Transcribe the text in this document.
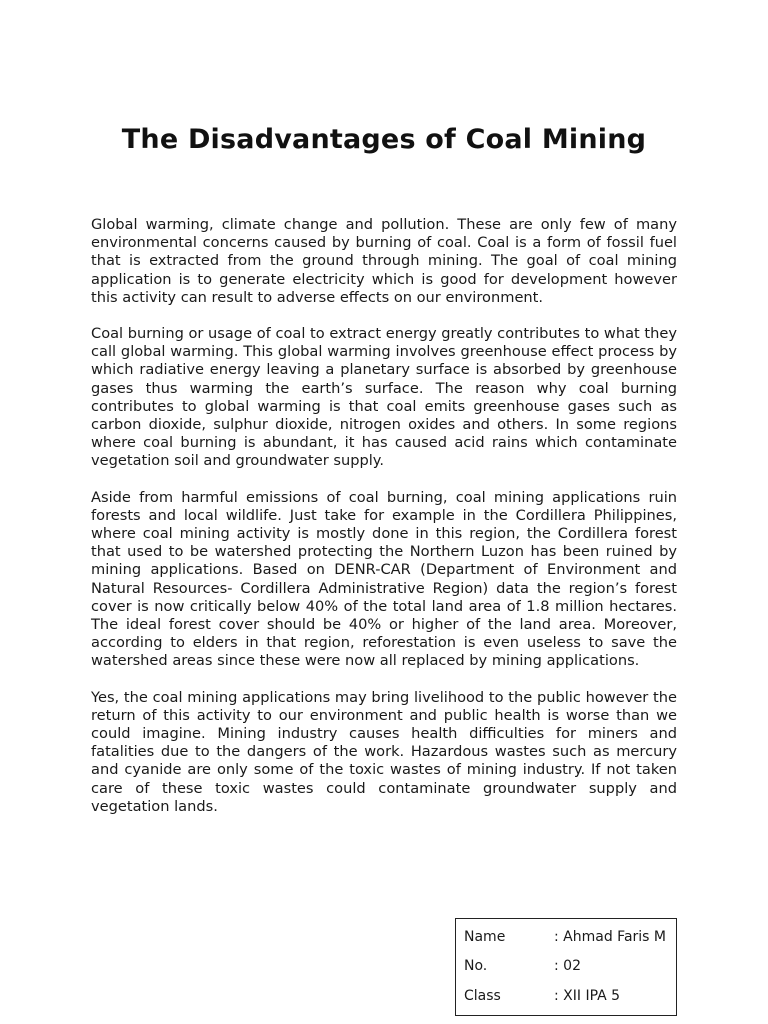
The Disadvantages of Coal Mining

Global warming, climate change and pollution. These are only few of many environmental concerns caused by burning of coal. Coal is a form of fossil fuel that is extracted from the ground through mining. The goal of coal mining application is to generate electricity which is good for development however this activity can result to adverse effects on our environment.

Coal burning or usage of coal to extract energy greatly contributes to what they call global warming. This global warming involves greenhouse effect process by which radiative energy leaving a planetary surface is absorbed by greenhouse gases thus warming the earth’s surface. The reason why coal burning contributes to global warming is that coal emits greenhouse gases such as carbon dioxide, sulphur dioxide, nitrogen oxides and others. In some regions where coal burning is abundant, it has caused acid rains which contaminate vegetation soil and groundwater supply.

Aside from harmful emissions of coal burning, coal mining applications ruin forests and local wildlife. Just take for example in the Cordillera Philippines, where coal mining activity is mostly done in this region, the Cordillera forest that used to be watershed protecting the Northern Luzon has been ruined by mining applications. Based on DENR-CAR (Department of Environment and Natural Resources- Cordillera Administrative Region) data the region’s forest cover is now critically below 40% of the total land area of 1.8 million hectares. The ideal forest cover should be 40% or higher of the land area. Moreover, according to elders in that region, reforestation is even useless to save the watershed areas since these were now all replaced by mining applications.

Yes, the coal mining applications may bring livelihood to the public however the return of this activity to our environment and public health is worse than we could imagine. Mining industry causes health difficulties for miners and fatalities due to the dangers of the work. Hazardous wastes such as mercury and cyanide are only some of the toxic wastes of mining industry. If not taken care of these toxic wastes could contaminate groundwater supply and vegetation lands.

Name	: Ahmad Faris M
No.	: 02
Class	: XII IPA 5
